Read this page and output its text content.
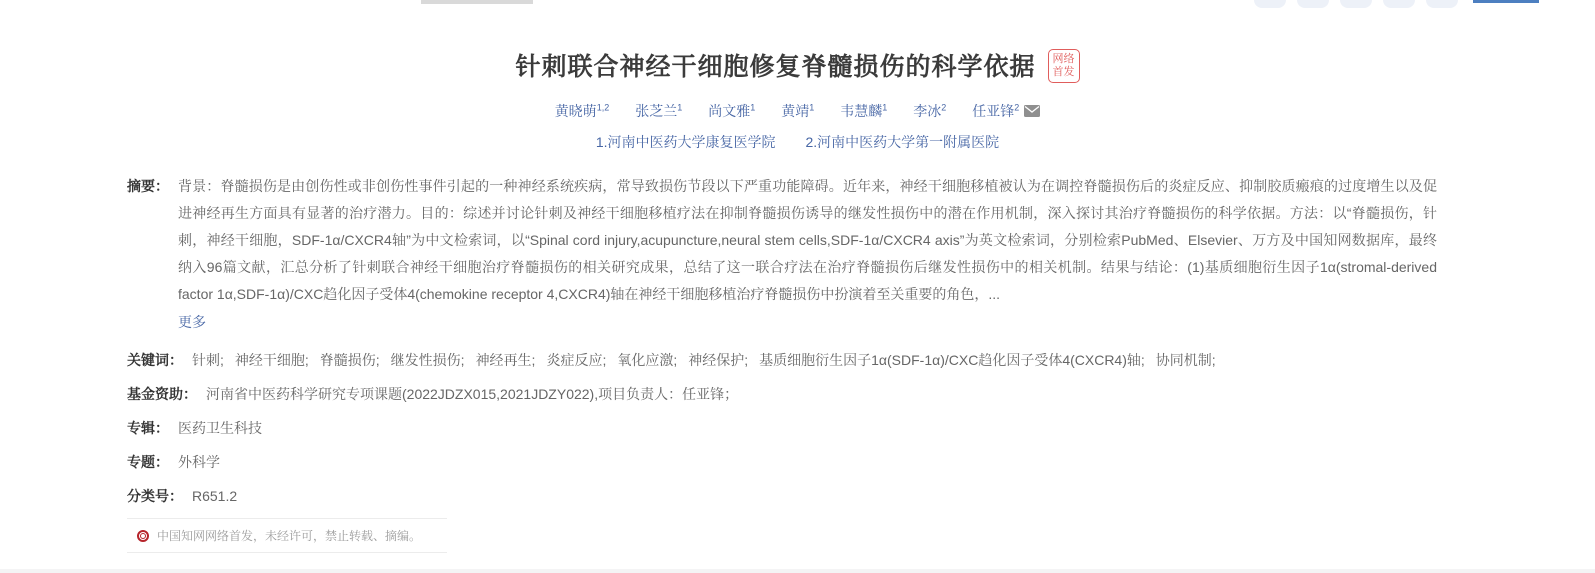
针刺联合神经干细胞修复脊髓损伤的科学依据 网络
首发
黄晓萌$^{1,2}$ 张芝兰$^1$ 尚文雅$^1$ 黄靖$^1$ 韦慧麟$^1$ 李冰$^2$ 任亚锋$^2$
1.河南中医药大学康复医学院 2.河南中医药大学第一附属医院
摘要： 背景：脊髓损伤是由创伤性或非创伤性事件引起的一种神经系统疾病，常导致损伤节段以下严重功能障碍。近年来，神经干细胞移植被认为在调控脊髓损伤后的炎症反应、抑制胶质瘢痕的过度增生以及促进神经再生方面具有显著的治疗潜力。目的：综述并讨论针刺及神经干细胞移植疗法在抑制脊髓损伤诱导的继发性损伤中的潜在作用机制，深入探讨其治疗脊髓损伤的科学依据。方法：以“脊髓损伤，针刺，神经干细胞，SDF-1α/CXCR4轴”为中文检索词，以“Spinal cord injury,acupuncture,neural stem cells,SDF-1α/CXCR4 axis”为英文检索词，分别检索PubMed、Elsevier、万方及中国知网数据库，最终纳入96篇文献，汇总分析了针刺联合神经干细胞治疗脊髓损伤的相关研究成果，总结了这一联合疗法在治疗脊髓损伤后继发性损伤中的相关机制。结果与结论：(1)基质细胞衍生因子1α(stromal-derived factor 1α,SDF-1α)/CXC趋化因子受体4(chemokine receptor 4,CXCR4)轴在神经干细胞移植治疗脊髓损伤中扮演着至关重要的角色，...
更多
关键词： 针刺; 神经干细胞; 脊髓损伤; 继发性损伤; 神经再生; 炎症反应; 氧化应激; 神经保护; 基质细胞衍生因子1α(SDF-1α)/CXC趋化因子受体4(CXCR4)轴; 协同机制;
基金资助： 河南省中医药科学研究专项课题(2022JDZX015,2021JDZY022),项目负责人：任亚锋；
专辑： 医药卫生科技
专题： 外科学
分类号： R651.2
中国知网网络首发，未经许可，禁止转载、摘编。
